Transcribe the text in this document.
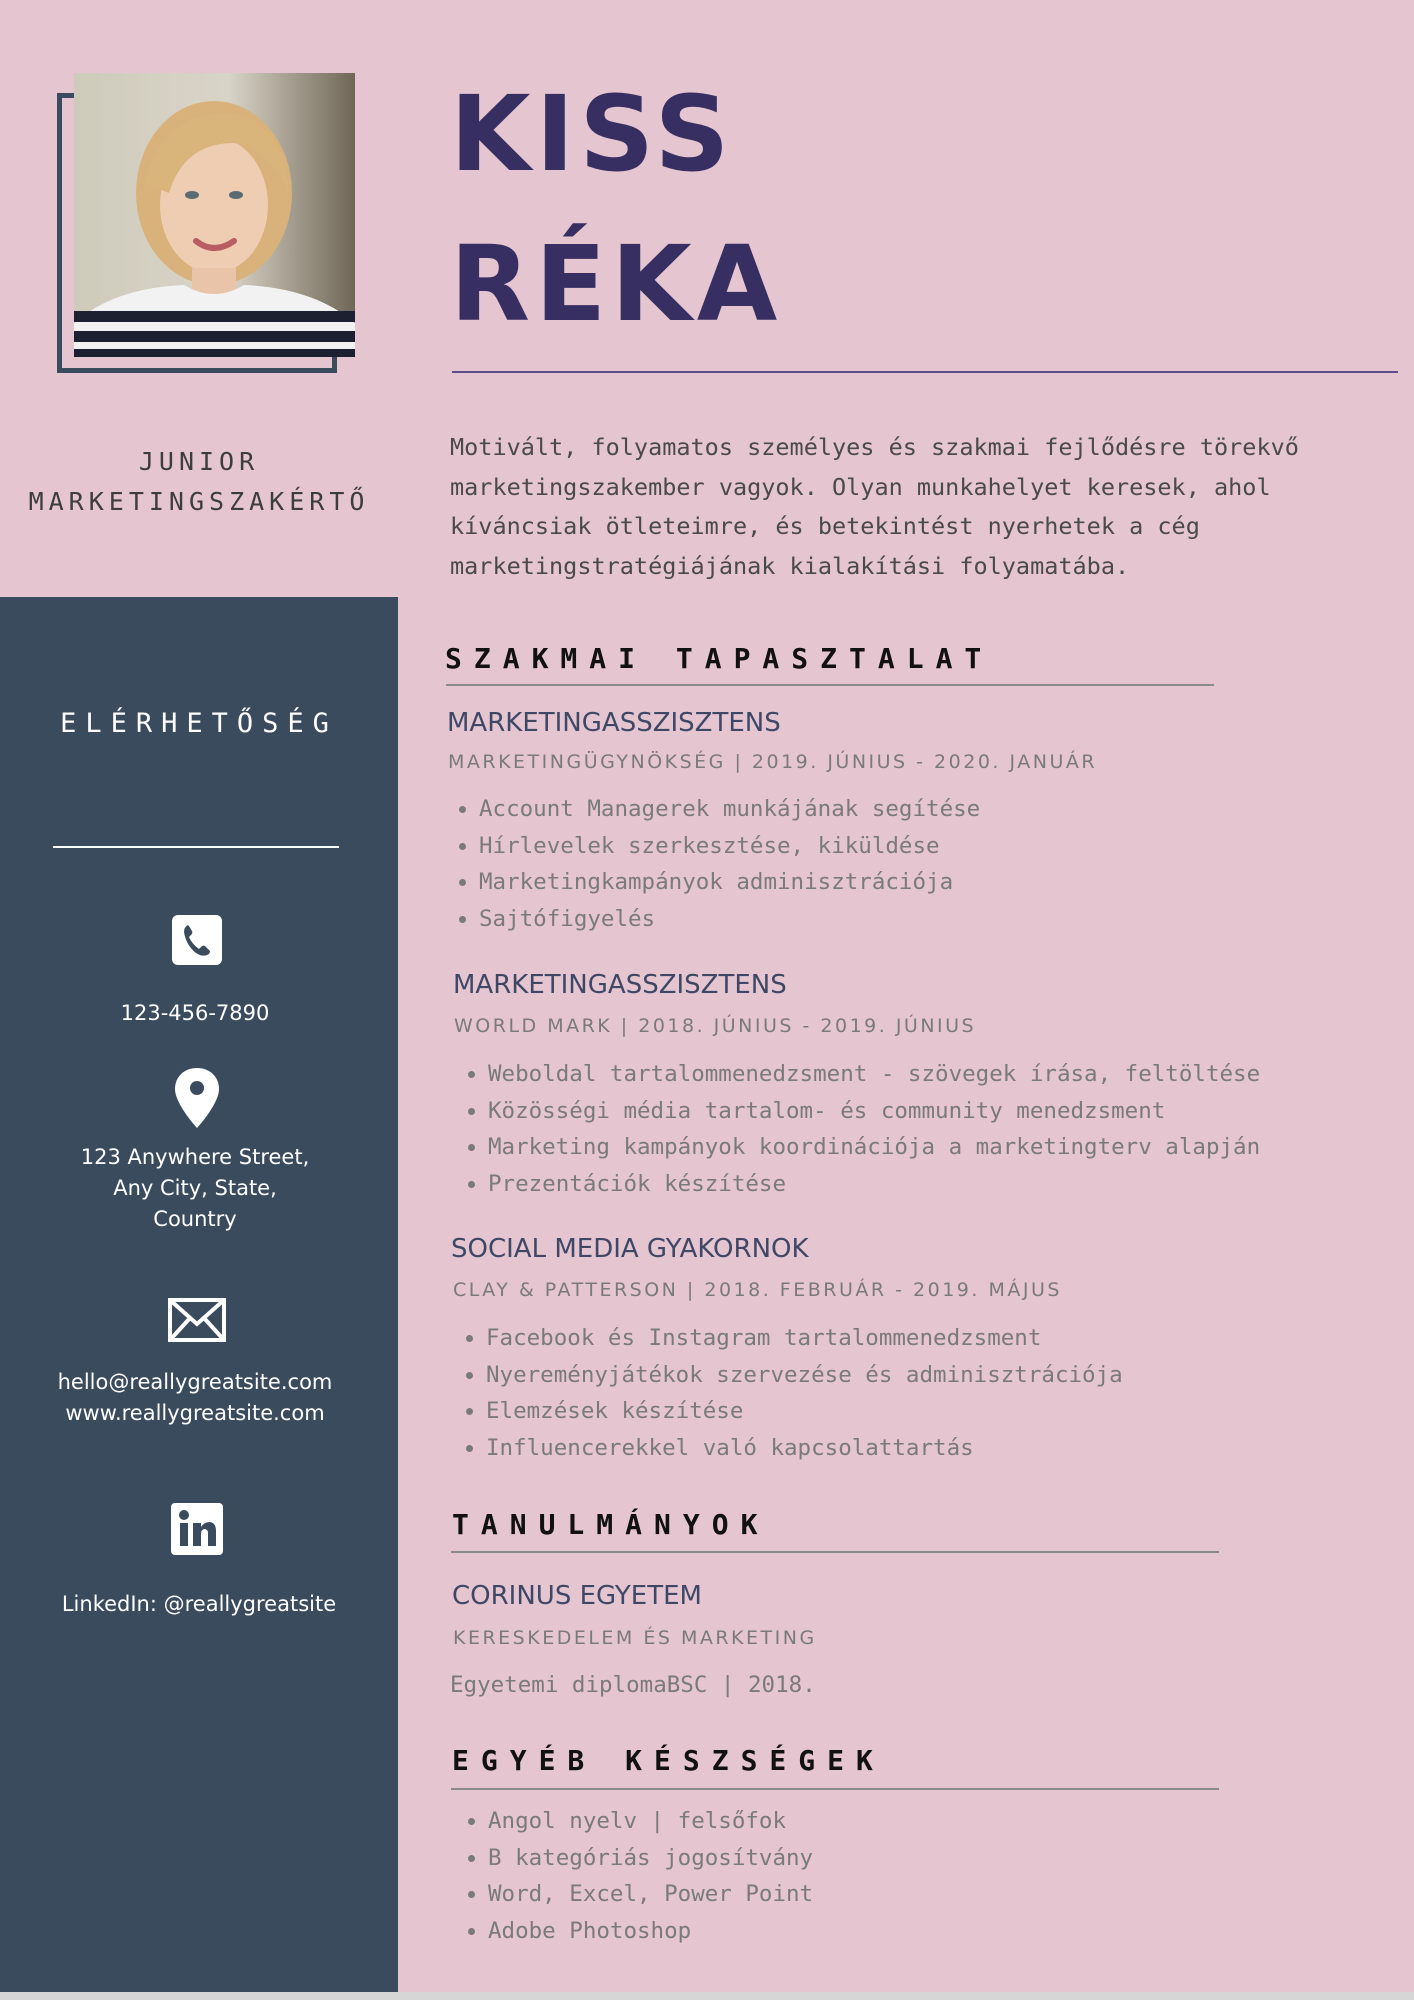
KISS
RÉKA
JUNIOR
MARKETINGSZAKÉRTŐ
Motivált, folyamatos személyes és szakmai fejlődésre törekvő marketingszakember vagyok. Olyan munkahelyet keresek, ahol kíváncsiak ötleteimre, és betekintést nyerhetek a cég marketingstratégiájának kialakítási folyamatába.
ELÉRHETŐSÉG
123-456-7890
123 Anywhere Street,
Any City, State,
Country
hello@reallygreatsite.com
www.reallygreatsite.com
LinkedIn: @reallygreatsite
SZAKMAI TAPASZTALAT
MARKETINGASSZISZTENS
MARKETINGÜGYNÖKSÉG | 2019. JÚNIUS - 2020. JANUÁR
• Account Managerek munkájának segítése
• Hírlevelek szerkesztése, kiküldése
• Marketingkampányok adminisztrációja
• Sajtófigyelés
MARKETINGASSZISZTENS
WORLD MARK | 2018. JÚNIUS - 2019. JÚNIUS
• Weboldal tartalommenedzsment - szövegek írása, feltöltése
• Közösségi média tartalom- és community menedzsment
• Marketing kampányok koordinációja a marketingterv alapján
• Prezentációk készítése
SOCIAL MEDIA GYAKORNOK
CLAY & PATTERSON | 2018. FEBRUÁR - 2019. MÁJUS
• Facebook és Instagram tartalommenedzsment
• Nyereményjátékok szervezése és adminisztrációja
• Elemzések készítése
• Influencerekkel való kapcsolattartás
TANULMÁNYOK
CORINUS EGYETEM
KERESKEDELEM ÉS MARKETING
Egyetemi diplomaBSC | 2018.
EGYÉB KÉSZSÉGEK
• Angol nyelv | felsőfok
• B kategóriás jogosítvány
• Word, Excel, Power Point
• Adobe Photoshop
